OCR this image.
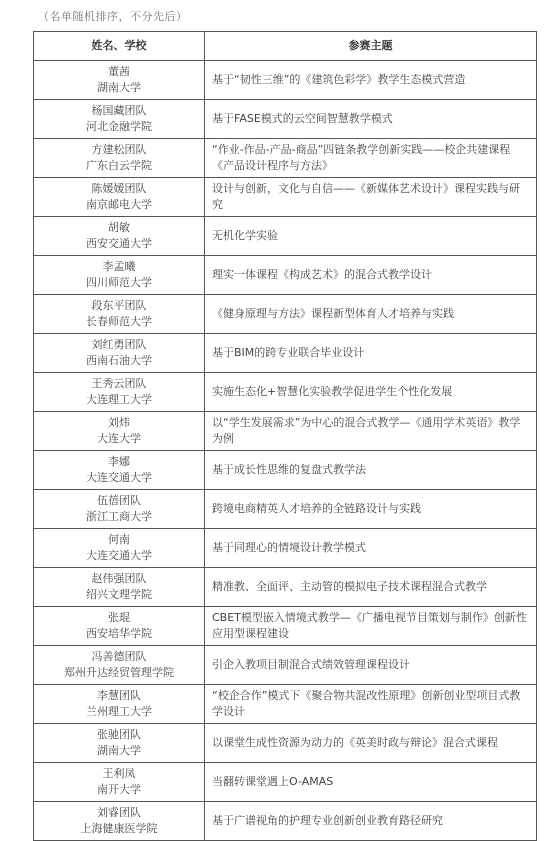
（名单随机排序，不分先后）
姓名、学校	参赛主题

董茜
湖南大学	基于“韧性三维”的《建筑色彩学》教学生态模式营造

杨国藏团队
河北金融学院	基于FASE模式的云空间智慧教学模式

方建松团队
广东白云学院	“作业-作品-产品-商品”四链条教学创新实践——校企共建课程《产品设计程序与方法》

陈媛媛团队
南京邮电大学	设计与创新，文化与自信——《新媒体艺术设计》课程实践与研究

胡敏
西安交通大学	无机化学实验

李孟曦
四川师范大学	理实一体课程《构成艺术》的混合式教学设计

段东平团队
长春师范大学	《健身原理与方法》课程新型体育人才培养与实践

刘红勇团队
西南石油大学	基于BIM的跨专业联合毕业设计

王秀云团队
大连理工大学	实施生态化+智慧化实验教学促进学生个性化发展

刘炜
大连大学	以“学生发展需求”为中心的混合式教学—《通用学术英语》教学为例

李娜
大连交通大学	基于成长性思维的复盘式教学法

伍蓓团队
浙江工商大学	跨境电商精英人才培养的全链路设计与实践

何南
大连交通大学	基于同理心的情境设计教学模式

赵伟强团队
绍兴文理学院	精准教、全面评、主动管的模拟电子技术课程混合式教学

张琨
西安培华学院	CBET模型嵌入情境式教学—《广播电视节目策划与制作》创新性应用型课程建设

冯善德团队
郑州升达经贸管理学院	引企入教项目制混合式绩效管理课程设计

李慧团队
兰州理工大学	“校企合作”模式下《聚合物共混改性原理》创新创业型项目式教学设计

张驰团队
湖南大学	以课堂生成性资源为动力的《英美时政与辩论》混合式课程

王利凤
南开大学	当翻转课堂遇上O-AMAS

刘睿团队
上海健康医学院	基于广谱视角的护理专业创新创业教育路径研究
